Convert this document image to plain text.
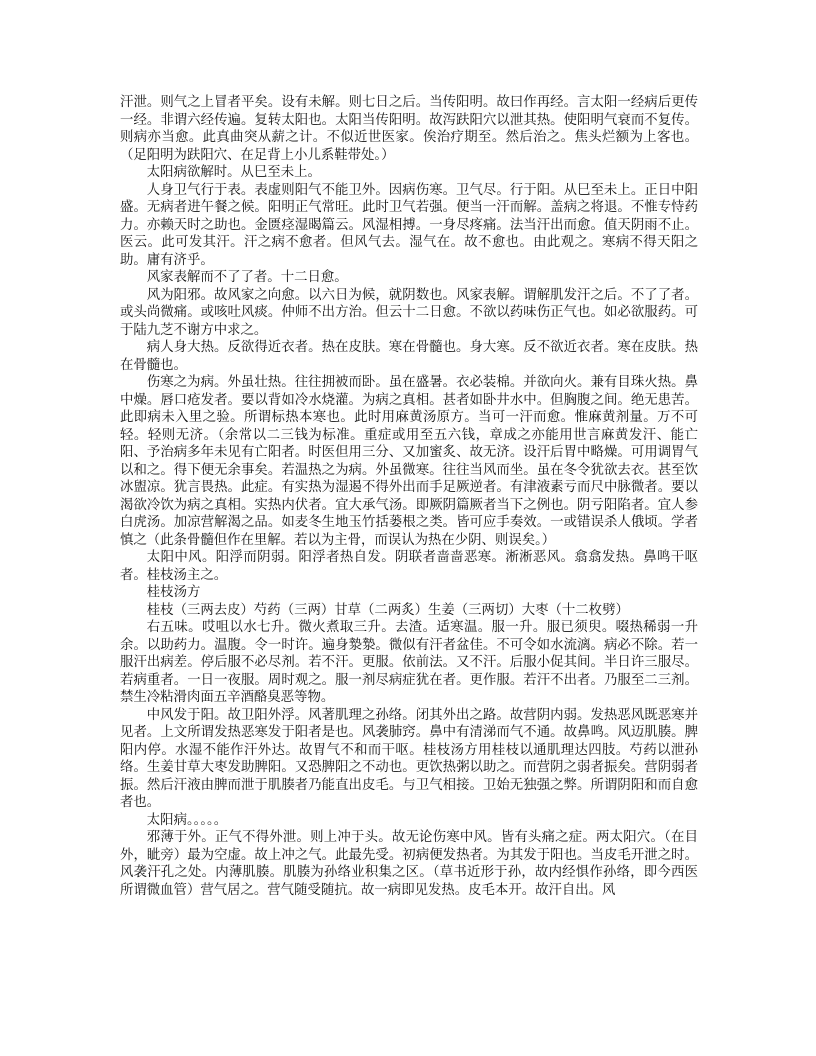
汗泄。则气之上冒者平矣。设有未解。则七日之后。当传阳明。故曰作再经。言太阳一经病后更传一经。非谓六经传遍。复转太阳也。太阳当传阳明。故泻趺阳穴以泄其热。使阳明气衰而不复传。则病亦当愈。此真曲突从薪之计。不似近世医家。俟治疗期至。然后治之。焦头烂额为上客也。（足阳明为趺阳穴、在足背上小儿系鞋带处。）

太阳病欲解时。从巳至未上。

人身卫气行于表。表虚则阳气不能卫外。因病伤寒。卫气尽。行于阳。从巳至未上。正日中阳盛。无病者进午餐之候。阳明正气常旺。此时卫气若强。便当一汗而解。盖病之将退。不惟专恃药力。亦赖天时之助也。金匮痉湿暍篇云。风湿相搏。一身尽疼痛。法当汗出而愈。值天阴雨不止。医云。此可发其汗。汗之病不愈者。但风气去。湿气在。故不愈也。由此观之。寒病不得天阳之助。庸有济乎。

风家表解而不了了者。十二日愈。

风为阳邪。故风家之向愈。以六日为候，就阴数也。风家表解。谓解肌发汗之后。不了了者。或头尚微痛。或咳吐风痰。仲师不出方治。但云十二日愈。不欲以药味伤正气也。如必欲服药。可于陆九芝不谢方中求之。

病人身大热。反欲得近衣者。热在皮肤。寒在骨髓也。身大寒。反不欲近衣者。寒在皮肤。热在骨髓也。

伤寒之为病。外虽壮热。往往拥被而卧。虽在盛暑。衣必装棉。并欲向火。兼有目珠火热。鼻中燥。唇口疮发者。要以背如冷水烧灌。为病之真相。甚者如卧井水中。但胸腹之间。绝无患苦。此即病未入里之验。所谓标热本寒也。此时用麻黄汤原方。当可一汗而愈。惟麻黄剂量。万不可轻。轻则无济。（余常以二三钱为标准。重症或用至五六钱，章成之亦能用世言麻黄发汗、能亡阳、予治病多年未见有亡阳者。时医但用三分、又加蜜炙、故无济。设汗后胃中略燥。可用调胃气以和之。得下便无余事矣。若温热之为病。外虽微寒。往往当风而坐。虽在冬令犹欲去衣。甚至饮冰盥凉。犹言畏热。此症。有实热为湿遏不得外出而手足厥逆者。有津液素亏而尺中脉微者。要以渴欲冷饮为病之真相。实热内伏者。宜大承气汤。即厥阴篇厥者当下之例也。阴亏阳陷者。宜人参白虎汤。加凉营解渴之品。如麦冬生地玉竹括蒌根之类。皆可应手奏效。一或错误杀人俄顷。学者慎之（此条骨髓但作在里解。若以为主骨，而误认为热在少阴、则误矣。）

太阳中风。阳浮而阴弱。阳浮者热自发。阴联者啬啬恶寒。淅淅恶风。翕翕发热。鼻鸣干呕者。桂枝汤主之。

桂枝汤方

桂枝（三两去皮）芍药（三两）甘草（二两炙）生姜（三两切）大枣（十二枚劈）

右五味。哎咀以水七升。微火煮取三升。去渣。适寒温。服一升。服已须臾。啜热稀弱一升余。以助药力。温腹。令一时许。遍身漐漐。微似有汗者盆佳。不可令如水流漓。病必不除。若一服汗出病差。停后服不必尽剂。若不汗。更服。依前法。又不汗。后服小促其间。半日许三服尽。若病重者。一日一夜服。周时观之。服一剂尽病症犹在者。更作服。若汗不出者。乃服至二三剂。禁生冷粘滑肉面五辛酒酪臭恶等物。

中风发于阳。故卫阳外浮。风著肌理之孙络。闭其外出之路。故营阴内弱。发热恶风既恶寒并见者。上文所谓发热恶寒发于阳者是也。风袭肺窍。鼻中有清涕而气不通。故鼻鸣。风迈肌腠。脾阳内停。水湿不能作汗外达。故胃气不和而干呕。桂枝汤方用桂枝以通肌理达四肢。芍药以泄孙络。生姜甘草大枣发助脾阳。又恐脾阳之不动也。更饮热粥以助之。而营阴之弱者振矣。营阴弱者振。然后汗液由脾而泄于肌腠者乃能直出皮毛。与卫气相接。卫始无独强之弊。所谓阴阳和而自愈者也。

太阳病。。。。。

邪薄于外。正气不得外泄。则上冲于头。故无论伤寒中风。皆有头痛之症。两太阳穴。（在目外，眦旁）最为空虚。故上冲之气。此最先受。初病便发热者。为其发于阳也。当皮毛开泄之时。风袭汗孔之处。内薄肌腠。肌腠为孙络业积集之区。（草书近形于孙，故内经惧作孙络，即今西医所谓微血管）营气居之。营气随受随抗。故一病即见发热。皮毛本开。故汗自出。风
